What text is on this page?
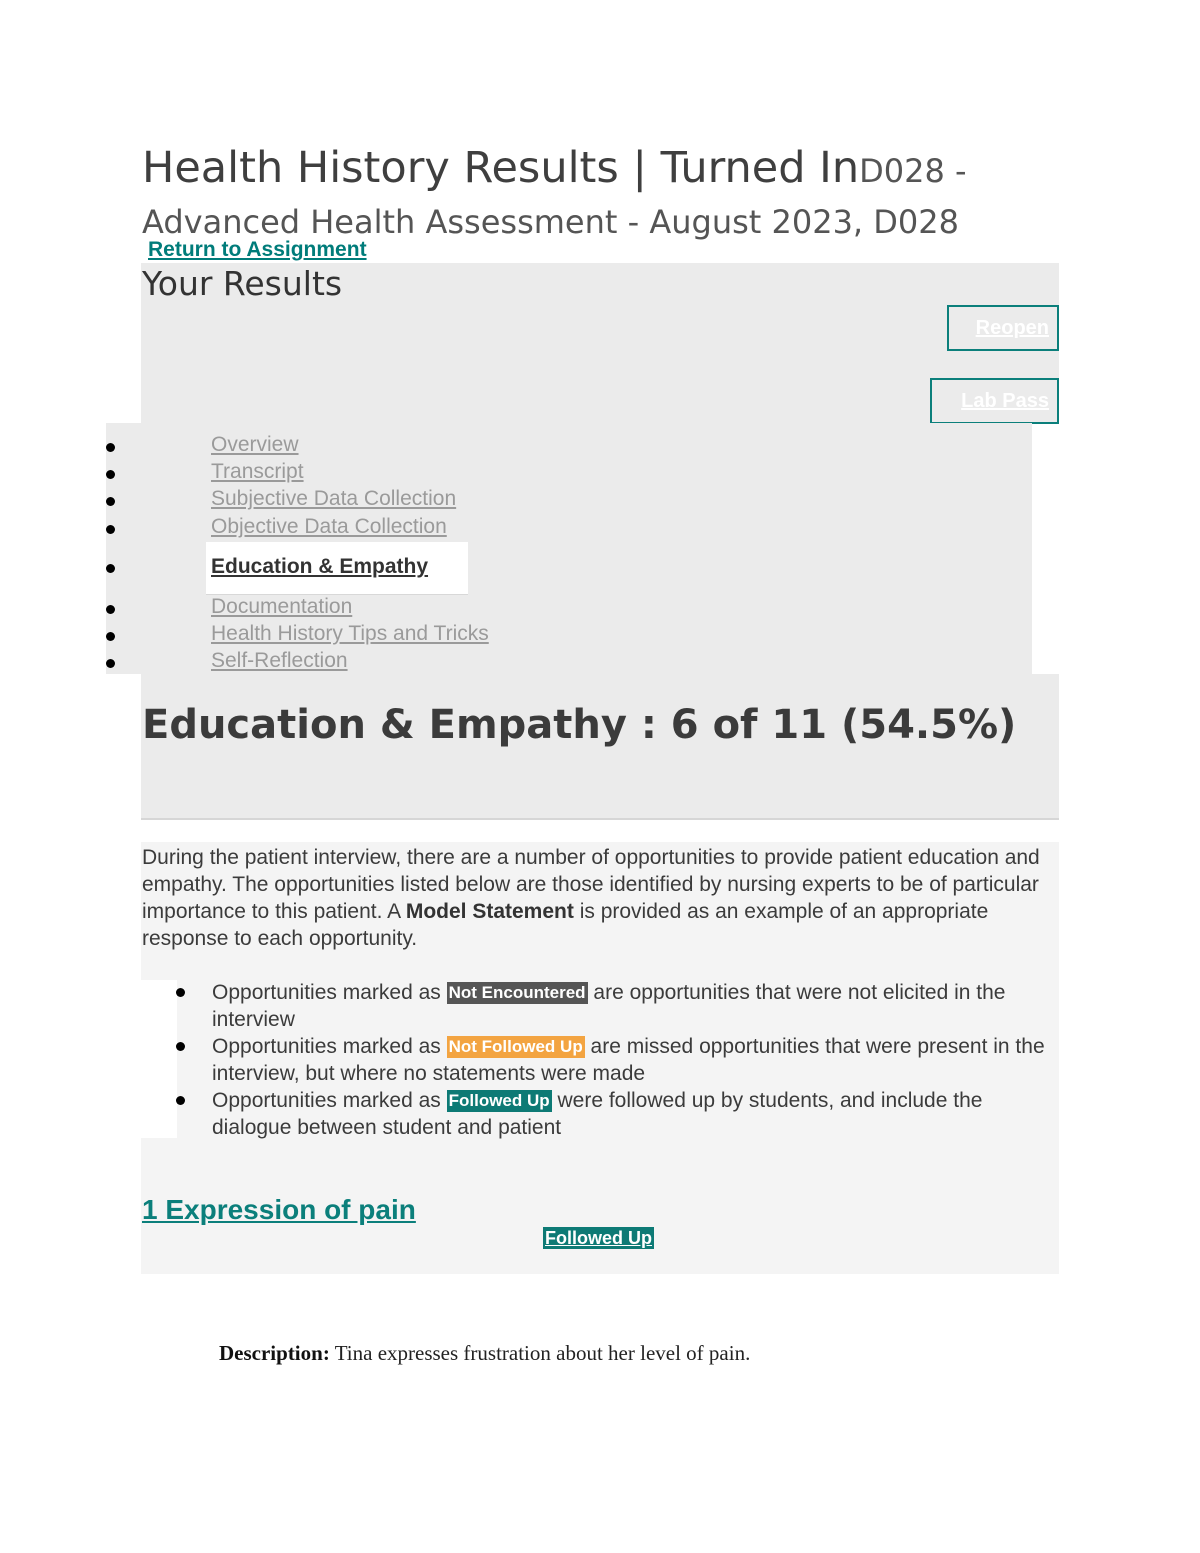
Health History Results | Turned InD028 - Advanced Health Assessment - August 2023, D028
Return to Assignment
Your Results
Reopen
Lab Pass
Overview
Transcript
Subjective Data Collection
Objective Data Collection
Education & Empathy
Documentation
Health History Tips and Tricks
Self-Reflection
Education & Empathy : 6 of 11 (54.5%)

During the patient interview, there are a number of opportunities to provide patient education and empathy. The opportunities listed below are those identified by nursing experts to be of particular importance to this patient. A Model Statement is provided as an example of an appropriate response to each opportunity.

Opportunities marked as Not Encountered are opportunities that were not elicited in the interview
Opportunities marked as Not Followed Up are missed opportunities that were present in the interview, but where no statements were made
Opportunities marked as Followed Up were followed up by students, and include the dialogue between student and patient
1 Expression of pain
Followed Up

Description: Tina expresses frustration about her level of pain.
